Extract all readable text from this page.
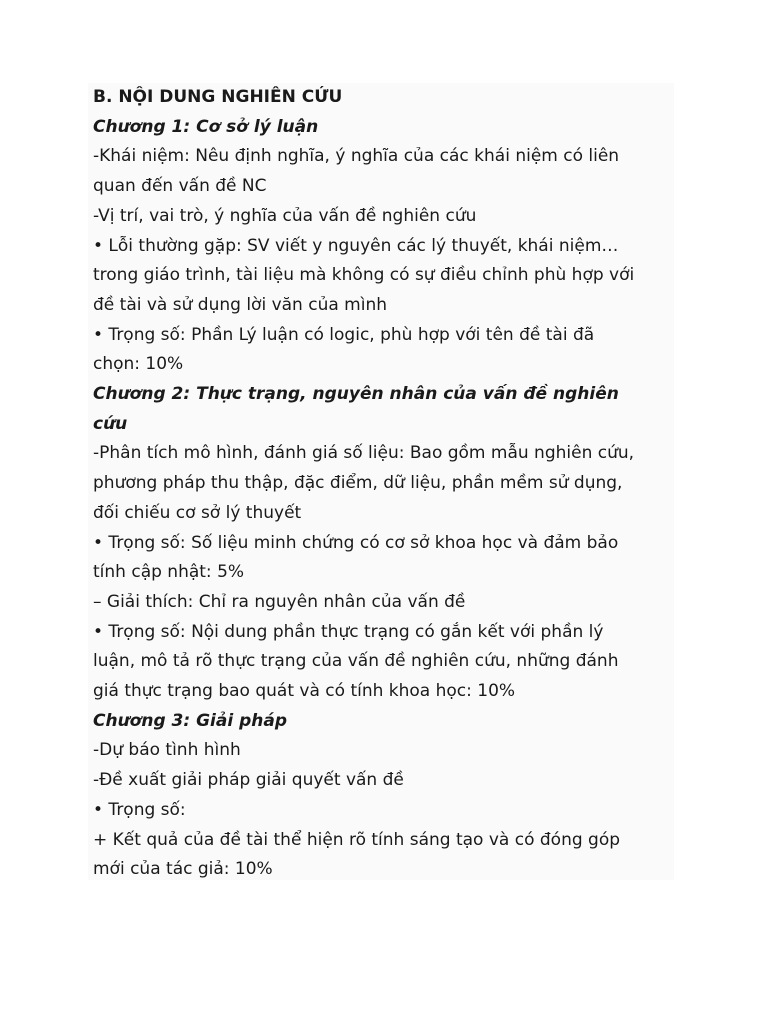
B. NỘI DUNG NGHIÊN CỨU

Chương 1: Cơ sở lý luận

-Khái niệm: Nêu định nghĩa, ý nghĩa của các khái niệm có liên

quan đến vấn đề NC

-Vị trí, vai trò, ý nghĩa của vấn đề nghiên cứu

• Lỗi thường gặp: SV viết y nguyên các lý thuyết, khái niệm…

trong giáo trình, tài liệu mà không có sự điều chỉnh phù hợp với

đề tài và sử dụng lời văn của mình

• Trọng số: Phần Lý luận có logic, phù hợp với tên đề tài đã

chọn: 10%

Chương 2: Thực trạng, nguyên nhân của vấn đề nghiên

cứu

-Phân tích mô hình, đánh giá số liệu: Bao gồm mẫu nghiên cứu,

phương pháp thu thập, đặc điểm, dữ liệu, phần mềm sử dụng,

đối chiếu cơ sở lý thuyết

• Trọng số: Số liệu minh chứng có cơ sở khoa học và đảm bảo

tính cập nhật: 5%

– Giải thích: Chỉ ra nguyên nhân của vấn đề

• Trọng số: Nội dung phần thực trạng có gắn kết với phần lý

luận, mô tả rõ thực trạng của vấn đề nghiên cứu, những đánh

giá thực trạng bao quát và có tính khoa học: 10%

Chương 3: Giải pháp

-Dự báo tình hình

-Đề xuất giải pháp giải quyết vấn đề

• Trọng số:

+ Kết quả của đề tài thể hiện rõ tính sáng tạo và có đóng góp

mới của tác giả: 10%
